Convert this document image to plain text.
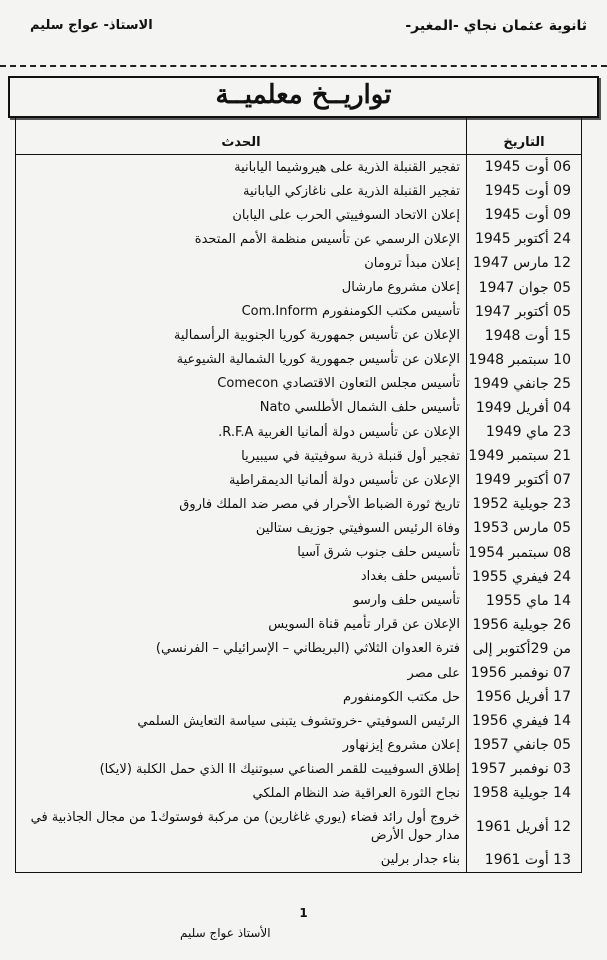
ثانوية عثمان نجاي -المغير-
الاستاذ- عواج سليم
تواريــخ معلميــة
التاريخ	الحدث
06 أوت 1945	تفجير القنبلة الذرية على هيروشيما اليابانية
09 أوت 1945	تفجير القنبلة الذرية على ناغازكي اليابانية
09 أوت 1945	إعلان الاتحاد السوفييتي الحرب على اليابان
24 أكتوبر 1945	الإعلان الرسمي عن تأسيس منظمة الأمم المتحدة
12 مارس 1947	إعلان مبدأ ترومان
05 جوان 1947	إعلان مشروع مارشال
05 أكتوبر 1947	تأسيس مكتب الكومنفورم Com.Inform
15 أوت 1948	الإعلان عن تأسيس جمهورية كوريا الجنوبية الرأسمالية
10 سبتمبر 1948	الإعلان عن تأسيس جمهورية كوريا الشمالية الشيوعية
25 جانفي 1949	تأسيس مجلس التعاون الاقتصادي Comecon
04 أفريل 1949	تأسيس حلف الشمال الأطلسي Nato
23 ماي 1949	الإعلان عن تأسيس دولة ألمانيا الغربية R.F.A.
21 سبتمبر 1949	تفجير أول قنبلة ذرية سوفيتية في سيبيريا
07 أكتوبر 1949	الإعلان عن تأسيس دولة ألمانيا الديمقراطية
23 جويلية 1952	تاريخ ثورة الضباط الأحرار في مصر ضد الملك فاروق
05 مارس 1953	وفاة الرئيس السوفيتي جوزيف ستالين
08 سبتمبر 1954	تأسيس حلف جنوب شرق آسيا
24 فيفري 1955	تأسيس حلف بغداد
14 ماي 1955	تأسيس حلف وارسو
26 جويلية 1956	الإعلان عن قرار تأميم قناة السويس
من 29أكتوبر إلى	فترة العدوان الثلاثي (البريطاني – الإسرائيلي – الفرنسي)
07 نوفمبر 1956	على مصر
17 أفريل 1956	حل مكتب الكومنفورم
14 فيفري 1956	الرئيس السوفيتي -خروتشوف يتبنى سياسة التعايش السلمي
05 جانفي 1957	إعلان مشروع إيزنهاور
03 نوفمبر 1957	إطلاق السوفييت للقمر الصناعي سبوتنيك II الذي حمل الكلبة (لايكا)
14 جويلية 1958	نجاح الثورة العراقية ضد النظام الملكي
12 أفريل 1961	خروج أول رائد فضاء (يوري غاغارين) من مركبة فوستوك1 من مجال الجاذبية في مدار حول الأرض
13 أوت 1961	بناء جدار برلين
1
الأستاذ عواج سليم
